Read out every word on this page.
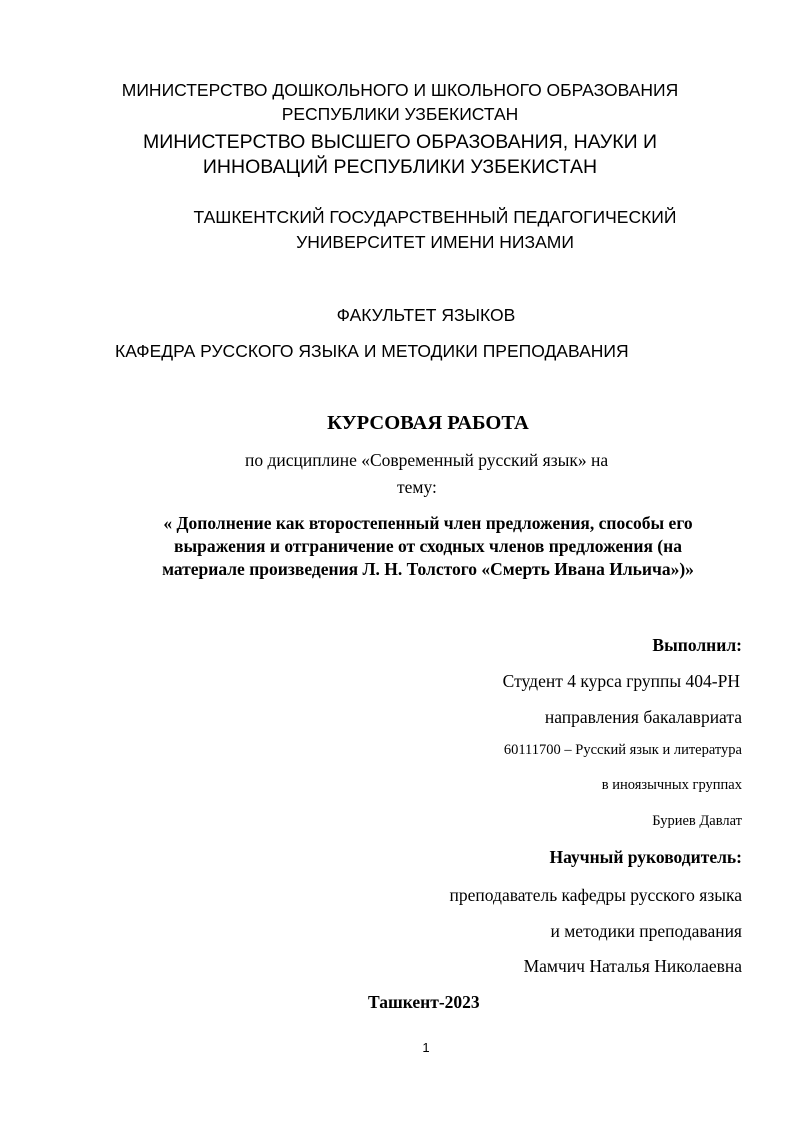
МИНИСТЕРСТВО ДОШКОЛЬНОГО И ШКОЛЬНОГО ОБРАЗОВАНИЯ
РЕСПУБЛИКИ УЗБЕКИСТАН
МИНИСТЕРСТВО ВЫСШЕГО ОБРАЗОВАНИЯ, НАУКИ И
ИННОВАЦИЙ РЕСПУБЛИКИ УЗБЕКИСТАН
ТАШКЕНТСКИЙ ГОСУДАРСТВЕННЫЙ ПЕДАГОГИЧЕСКИЙ
УНИВЕРСИТЕТ ИМЕНИ НИЗАМИ
ФАКУЛЬТЕТ ЯЗЫКОВ
КАФЕДРА РУССКОГО ЯЗЫКА И МЕТОДИКИ ПРЕПОДАВАНИЯ
КУРСОВАЯ РАБОТА
по дисциплине «Современный русский язык» на
тему:
« Дополнение как второстепенный член предложения, способы его
выражения и отграничение от сходных членов предложения (на
материале произведения Л. Н. Толстого «Смерть Ивана Ильича»)»
Выполнил:
Студент 4 курса группы 404-РН
направления бакалавриата
60111700 – Русский язык и литература
в иноязычных группах
Буриев Давлат
Научный руководитель:
преподаватель кафедры русского языка
и методики преподавания
Мамчич Наталья Николаевна
Ташкент-2023
1
